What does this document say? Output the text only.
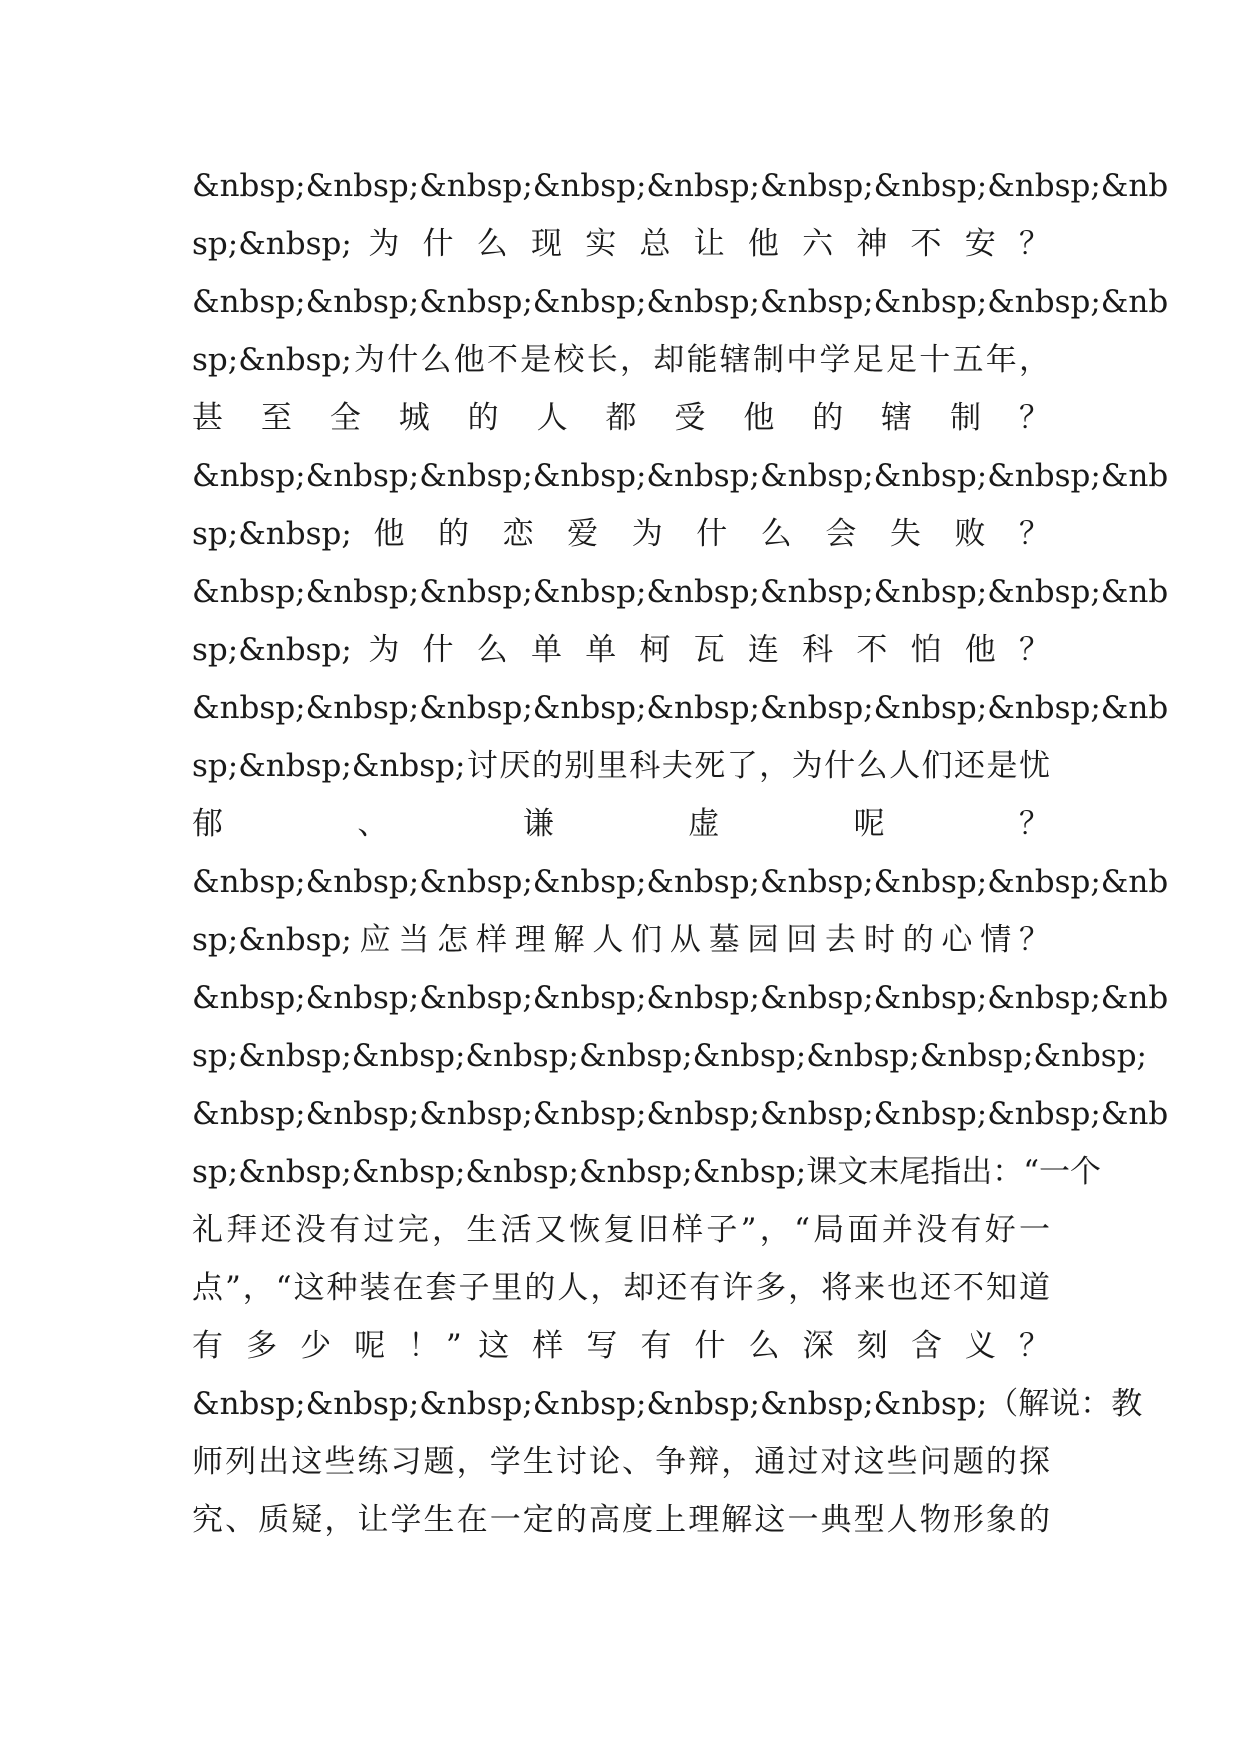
&nbsp;&nbsp;&nbsp;&nbsp;&nbsp;&nbsp;&nbsp;&nbsp;&nb
sp;&nbsp; 为 什 么 现 实 总 让 他 六 神 不 安 ？
&nbsp;&nbsp;&nbsp;&nbsp;&nbsp;&nbsp;&nbsp;&nbsp;&nb
sp;&nbsp;为什么他不是校长，却能辖制中学足足十五年，
甚 至 全 城 的 人 都 受 他 的 辖 制 ？
&nbsp;&nbsp;&nbsp;&nbsp;&nbsp;&nbsp;&nbsp;&nbsp;&nb
sp;&nbsp; 他 的 恋 爱 为 什 么 会 失 败 ？
&nbsp;&nbsp;&nbsp;&nbsp;&nbsp;&nbsp;&nbsp;&nbsp;&nb
sp;&nbsp; 为 什 么 单 单 柯 瓦 连 科 不 怕 他 ？
&nbsp;&nbsp;&nbsp;&nbsp;&nbsp;&nbsp;&nbsp;&nbsp;&nb
sp;&nbsp;&nbsp;讨厌的别里科夫死了，为什么人们还是忧
郁 、 谦 虚 呢 ？
&nbsp;&nbsp;&nbsp;&nbsp;&nbsp;&nbsp;&nbsp;&nbsp;&nb
sp;&nbsp;应当怎样理解人们从墓园回去时的心情？
&nbsp;&nbsp;&nbsp;&nbsp;&nbsp;&nbsp;&nbsp;&nbsp;&nb
sp;&nbsp;&nbsp;&nbsp;&nbsp;&nbsp;&nbsp;&nbsp;&nbsp;
&nbsp;&nbsp;&nbsp;&nbsp;&nbsp;&nbsp;&nbsp;&nbsp;&nb
sp;&nbsp;&nbsp;&nbsp;&nbsp;&nbsp;课文末尾指出：“一个
礼拜还没有过完，生活又恢复旧样子”，“局面并没有好一
点”，“这种装在套子里的人，却还有许多，将来也还不知道
有 多 少 呢 ！” 这 样 写 有 什 么 深 刻 含 义 ？
&nbsp;&nbsp;&nbsp;&nbsp;&nbsp;&nbsp;&nbsp;（解说：教
师列出这些练习题，学生讨论、争辩，通过对这些问题的探
究、质疑，让学生在一定的高度上理解这一典型人物形象的
